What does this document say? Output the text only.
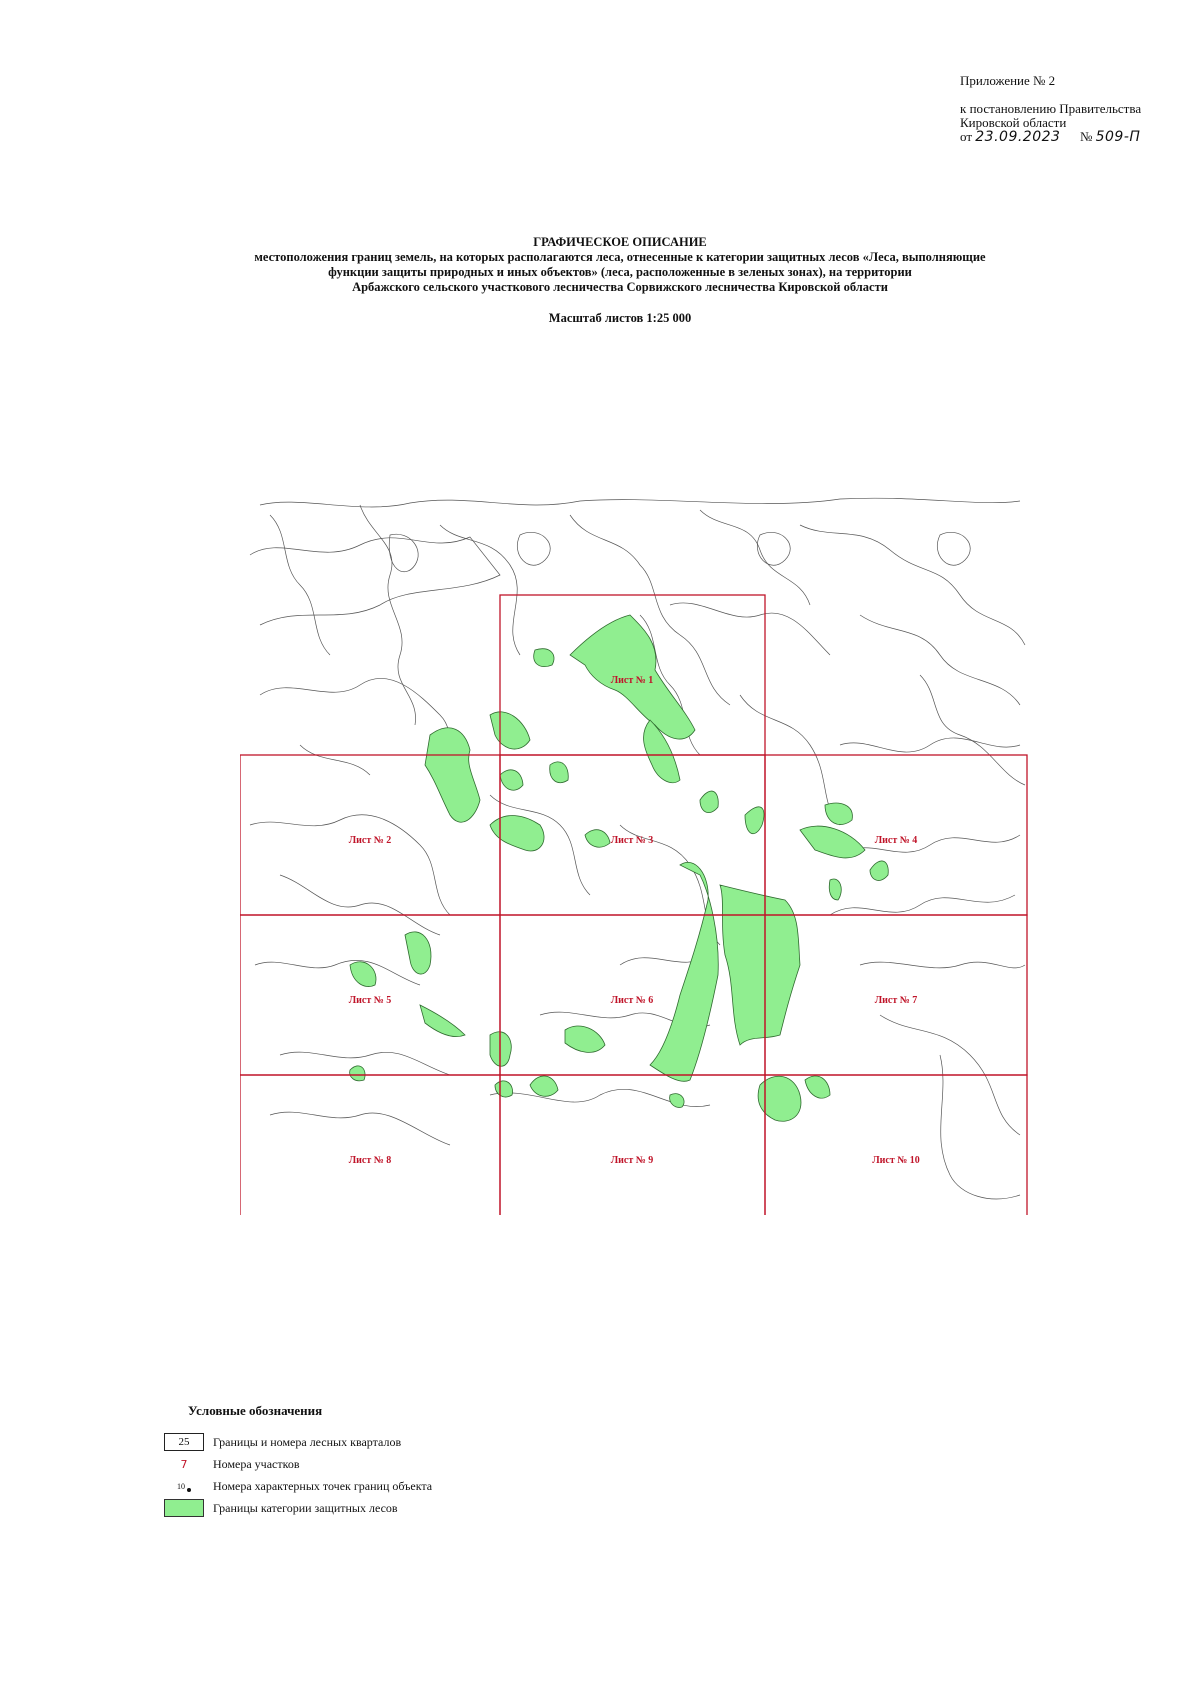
Приложение № 2
к постановлению Правительства
Кировской области
от 23.09.2023 № 509-П
ГРАФИЧЕСКОЕ ОПИСАНИЕ
местоположения границ земель, на которых располагаются леса, отнесенные к категории защитных лесов «Леса, выполняющие
функции защиты природных и иных объектов» (леса, расположенные в зеленых зонах), на территории
Арбажского сельского участкового лесничества Сорвижского лесничества Кировской области
Масштаб листов 1:25 000
Лист № 1
Лист № 2	Лист № 3	Лист № 4
Лист № 5	Лист № 6	Лист № 7
Лист № 8	Лист № 9	Лист № 10
Условные обозначения
25	Границы и номера лесных кварталов
7	Номера участков
10 Номера характерных точек границ объекта
Границы категории защитных лесов
